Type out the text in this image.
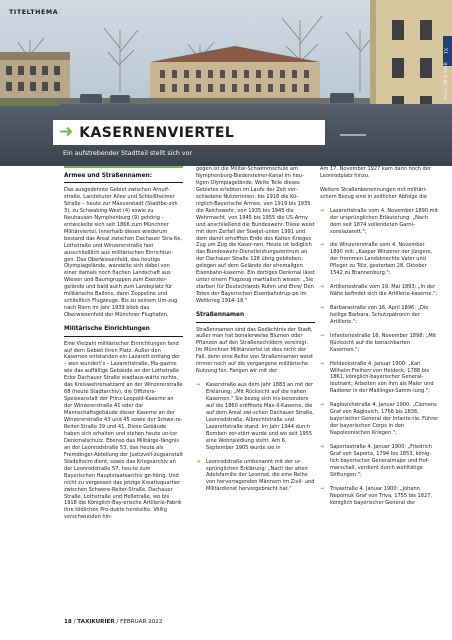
TITELTHEMA
TX
Foto: IM & HUB
➜ KASERNENVIERTEL
Ein aufstrebender Stadtteil stellt sich vor
Armee und Straßennamen:

Das ausgedehnte Gebiet zwischen Arnulf-straße, Landshuter Allee und Schleißheimer Straße – heute zur Maxvorstadt (Stadtbe-zirk 3), zu Schwabing-West (4) sowie zu Neuhausen-Nymphenburg (9) gehörig – entwickelte sich seit 1866 zum Münchner Militärviertel. Innerhalb dieses wiederum bestand das Areal zwischen Dachauer Stra-ße, Lothstraße und Winzererstraße fast ausschließlich aus militärischen Einrichtun-gen. Das Oberwiesenfeld, das heutige Olympiagelände, wandelte sich dabei von einer damals noch flachen Landschaft aus Wiesen und Baumgruppen zum Exerzier-gelände und bald auch zum Landeplatz für militärische Ballons, dann Zeppeline und schließlich Flugzeuge. Bis zu seinem Um-zug nach Riem im Jahr 1939 blieb das Oberwiesenfeld der Münchner Flughafen.

Militärische Einrichtungen

Eine Vielzahl militärischer Einrichtungen fand auf dem Gebiet ihren Platz. Außer den Kasernen entstanden ein Lazarett entlang der – wen wundert's – Lazarettstraße, Ma-gazine wie das auffällige Gebäude an der Lothstraße Ecke Dachauer Straße stadtaus-wärts rechts, das Kreiswehrersatzamt an der Winzererstraße 68 (heute Stadtarchiv), die Offiziers-Speiseanstalt der Prinz-Leopold-Kaserne an der Winzererstraße 41 oder die Mannschaftsgebäude dieser Kaserne an der Winzererstraße 43 und 45 sowie der Schwe-re-Reiter-Straße 39 und 41. Diese Gebäude haben sich erhalten und stehen heute un-ter Denkmalschutz. Ebenso das Militärge-fängnis an der Leonrodstraße 53, das heute als Fremdinger-Abteilung der Justizvoll-zugsanstalt Stadelheim dient, sowie das Kriegsarchiv an der Leonrodstraße 57, heu-te zum Bayerischen Hauptstaatsarchiv ge-hörig. Und nicht zu vergessen das jetzige Kreativquartier zwischen Schwere-Reiter-Straße, Dachauer Straße, Lothstraße und Heßstraße, wo bis 1918 die Königlich-Bay-erische Artillerie-Fabrik ihre tödlichen Pro-dukte herstellte. Völlig verschwunden hin-

gegen ist die Militär-Schwimmschule am Nymphenburg-Biedersteiner-Kanal im heu-tigen Olympiagelände. Weite Teile dieses Gebietes erlebten im Laufe der Zeit ver-schiedene Nutzerinnen: bis 1918 die Kö-niglich-Bayerische Armee, von 1919 bis 1935 die Reichswehr, von 1935 bis 1945 die Wehrmacht, von 1945 bis 1955 die US-Army und anschließend die Bundeswehr. Diese weist mit dem Zerfall der Sowjet-union 1991 und dem damit erhofften Ende des Kalten Krieges Zug um Zug die Kaser-nen. Heute ist lediglich das Bundeswehr-Dienstleistungszentrum an der Dachauer Straße 128 übrig geblieben, gelegen auf dem Gelände der ehemaligen Eisenbahn-kaserne. Ein dortiges Denkmal lässt unter einem Flugzeug martialisch wissen: „Sie starben für Deutschlands Ruhm und Ehre/ Den Toten der Bayerischen Eisenbahntrup-pe im Weltkrieg 1914–18."

Straßennamen

Straßennamen sind das Gedächtnis der Stadt, außer man hat bonalerweise Blumen oder Pflanzen auf den Straßenschildern vereinigt. Im Münchner Militärviertel ist dies nicht der Fall, denn eine Reihe von Straßennamen weist immer noch auf die vergangene militärische Nutzung hin. Fangen wir mit der

➜ Kaserstraße aus dem Jahr 1883 an mit der Erklärung: „Mit Rücksicht auf die nahen Kasernen." Sie bezog sich ins-besondere auf die 1860 eröffnete Max-II-Kaserne, die auf dem Areal zwi-schen Dachauer Straße, Leonrodstraße, Albrechtstraße und Lazarettstraße stand. Im Jahr 1944 durch Bomben zer-stört wurde und wo seit 1955 eine Wohnsiedlung steht. Am 6. September 1905 wurde sie in
➜ Leonrodstraße umbenannt mit der ur-sprünglichen Erklärung: „Nach der alten Adelsfamilie der Leonrod, die eine Reihe von hervorragenden Männern im Zivil- und Militärdienst hervorgebracht hat."

Am 17. November 1927 kam dann noch der Leonrodplatz hinzu.

Weitere Straßenbenennungen mit militäri-schem Bezug sind in zeitlicher Abfolge die

➜ Lazarettstraße vom 4. November 1890 mit der ursprünglichen Erläuterung: „Nach dem seit 1874 vollendeten Garni-sonslazarett.";
➜ die Winzererstraße vom 4. November 1890 mit: „Kaspar Winzerer der Jüngere, der frommen Landsknechte Vater und Pfleger zu Tölz, gestorben 28. Oktober 1542 zu Brannenburg.";
➜ Artilleriestraße vom 19. Mai 1893: „In der Nähe befindet sich die Artillerie-kaserne.";
➜ Barbarastraße von 16. April 1896: „Die heilige Barbara, Schutzpatronin der Artillerie.";
➜ Infanteriestraße 16. November 1898: „Mit Rücksicht auf die benachbarten Kasernen.";
➜ Heldeckstraße 4. Januar 1900: „Karl Wilhelm Freiherr von Heideck, 1788 bis 1861, königlich-bayerischer General-leutnant; Arbeiten von ihm als Maler und Radierer in der Maillinger-Samm-lung.";
➜ Raglovichstraße 4. Januar 1900: „Clemens Graf von Raglovich, 1766 bis 1836, bayerischer General der Infante-rie. Führer der bayerischen Corps in den Napoleonischen Kriegen.";
➜ Saportastraße 4. Januar 1900: „Friedrich Graf von Saporta, 1794 bis 1853, könig-lich bayerischer Generalmajor und Hof-marschall, verdient durch wohltätige Stiftungen.";
➜ Trivastraße 4. Januar 1900: „Johann Nepomuk Graf von Triva, 1755 bis 1827, königlich bayerischer General der
18 / TAXIKURIER / FEBRUAR 2022
